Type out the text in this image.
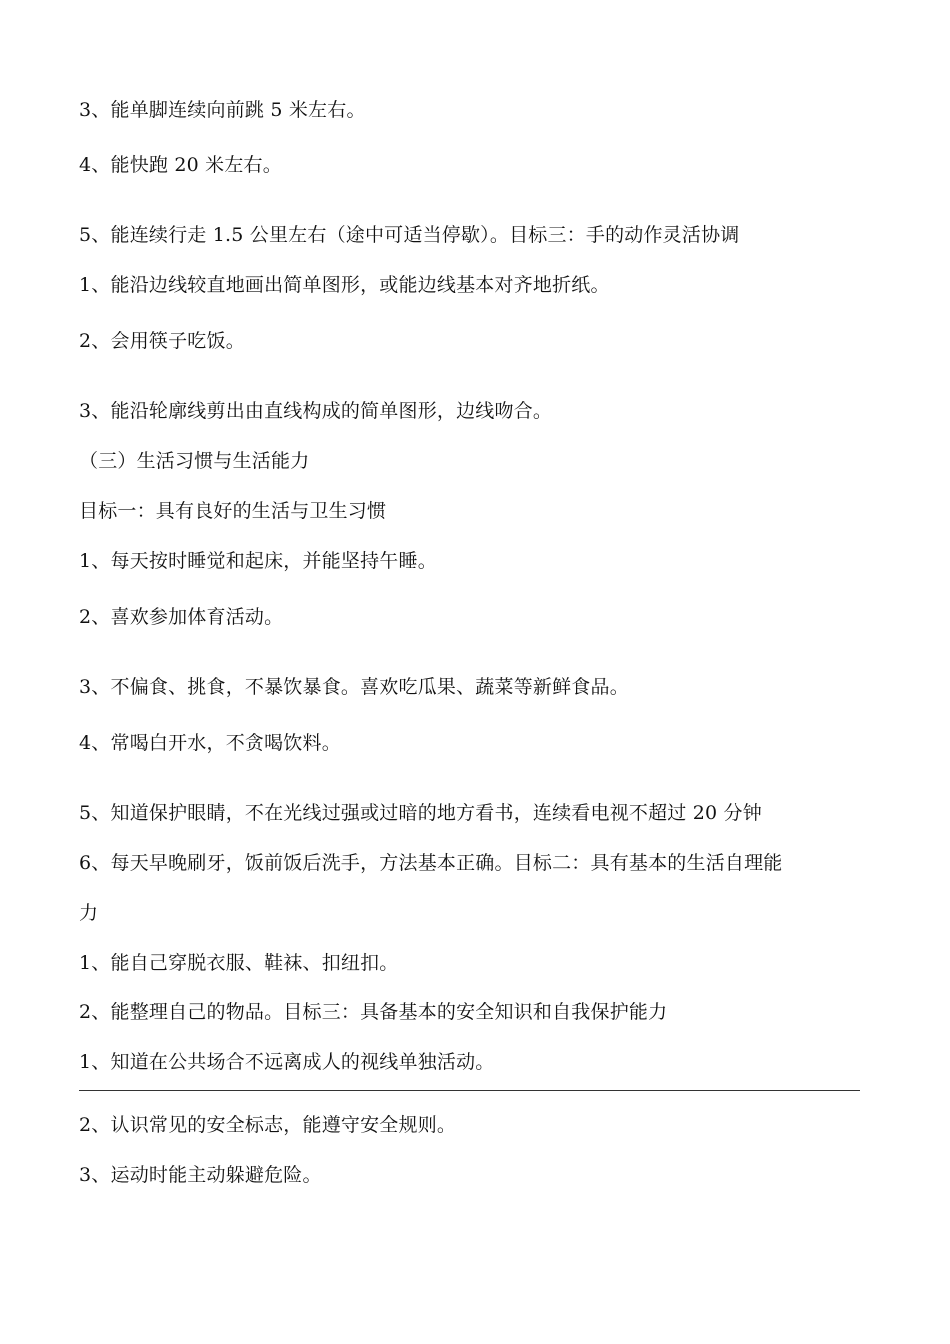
3、能单脚连续向前跳 5 米左右。
4、能快跑 20 米左右。
5、能连续行走 1.5 公里左右（途中可适当停歇）。目标三：手的动作灵活协调
1、能沿边线较直地画出简单图形，或能边线基本对齐地折纸。
2、会用筷子吃饭。
3、能沿轮廓线剪出由直线构成的简单图形，边线吻合。
（三）生活习惯与生活能力
目标一：具有良好的生活与卫生习惯
1、每天按时睡觉和起床，并能坚持午睡。
2、喜欢参加体育活动。
3、不偏食、挑食，不暴饮暴食。喜欢吃瓜果、蔬菜等新鲜食品。
4、常喝白开水，不贪喝饮料。
5、知道保护眼睛，不在光线过强或过暗的地方看书，连续看电视不超过 20 分钟
6、每天早晚刷牙，饭前饭后洗手，方法基本正确。目标二：具有基本的生活自理能
力
1、能自己穿脱衣服、鞋袜、扣纽扣。
2、能整理自己的物品。目标三：具备基本的安全知识和自我保护能力
1、知道在公共场合不远离成人的视线单独活动。
2、认识常见的安全标志，能遵守安全规则。
3、运动时能主动躲避危险。
